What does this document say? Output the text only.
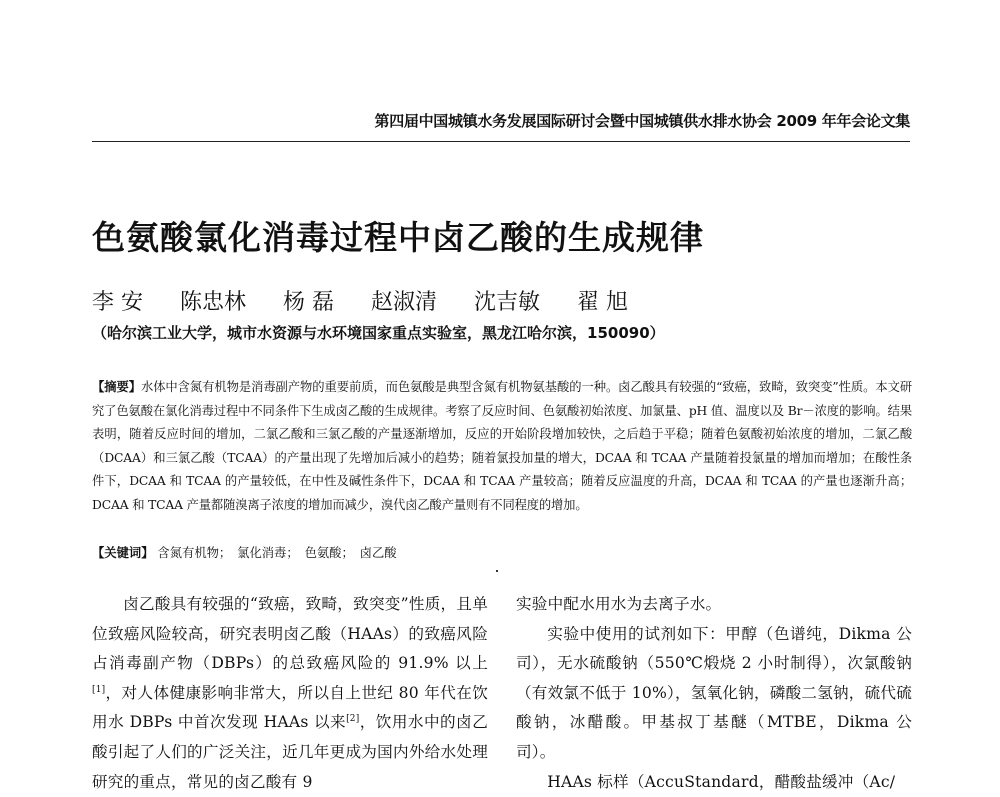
第四届中国城镇水务发展国际研讨会暨中国城镇供水排水协会 2009 年年会论文集
色氨酸氯化消毒过程中卤乙酸的生成规律
李 安 陈忠林 杨 磊 赵淑清 沈吉敏 翟 旭
（哈尔滨工业大学，城市水资源与水环境国家重点实验室，黑龙江哈尔滨，150090）
【摘要】水体中含氮有机物是消毒副产物的重要前质，而色氨酸是典型含氮有机物氨基酸的一种。卤乙酸具有较强的“致癌，致畸，致突变”性质。本文研究了色氨酸在氯化消毒过程中不同条件下生成卤乙酸的生成规律。考察了反应时间、色氨酸初始浓度、加氯量、pH 值、温度以及 Br－浓度的影响。结果表明，随着反应时间的增加，二氯乙酸和三氯乙酸的产量逐渐增加，反应的开始阶段增加较快，之后趋于平稳；随着色氨酸初始浓度的增加，二氯乙酸（DCAA）和三氯乙酸（TCAA）的产量出现了先增加后减小的趋势；随着氯投加量的增大，DCAA 和 TCAA 产量随着投氯量的增加而增加；在酸性条件下，DCAA 和 TCAA 的产量较低，在中性及碱性条件下，DCAA 和 TCAA 产量较高；随着反应温度的升高，DCAA 和 TCAA 的产量也逐渐升高；DCAA 和 TCAA 产量都随溴离子浓度的增加而减少，溴代卤乙酸产量则有不同程度的增加。
【关键词】 含氮有机物； 氯化消毒； 色氨酸； 卤乙酸

卤乙酸具有较强的“致癌，致畸，致突变”性质，且单位致癌风险较高，研究表明卤乙酸（HAAs）的致癌风险占消毒副产物（DBPs）的总致癌风险的 91.9% 以上[1]，对人体健康影响非常大，所以自上世纪 80 年代在饮用水 DBPs 中首次发现 HAAs 以来[2]，饮用水中的卤乙酸引起了人们的广泛关注，近几年更成为国内外给水处理研究的重点，常见的卤乙酸有 9

实验中配水用水为去离子水。

实验中使用的试剂如下：甲醇（色谱纯，Dikma 公司），无水硫酸钠（550℃煅烧 2 小时制得），次氯酸钠（有效氯不低于 10%），氢氧化钠，磷酸二氢钠，硫代硫酸钠，冰醋酸。甲基叔丁基醚（MTBE，Dikma 公司）。

HAAs 标样（AccuStandard，醋酸盐缓冲（Ac/
